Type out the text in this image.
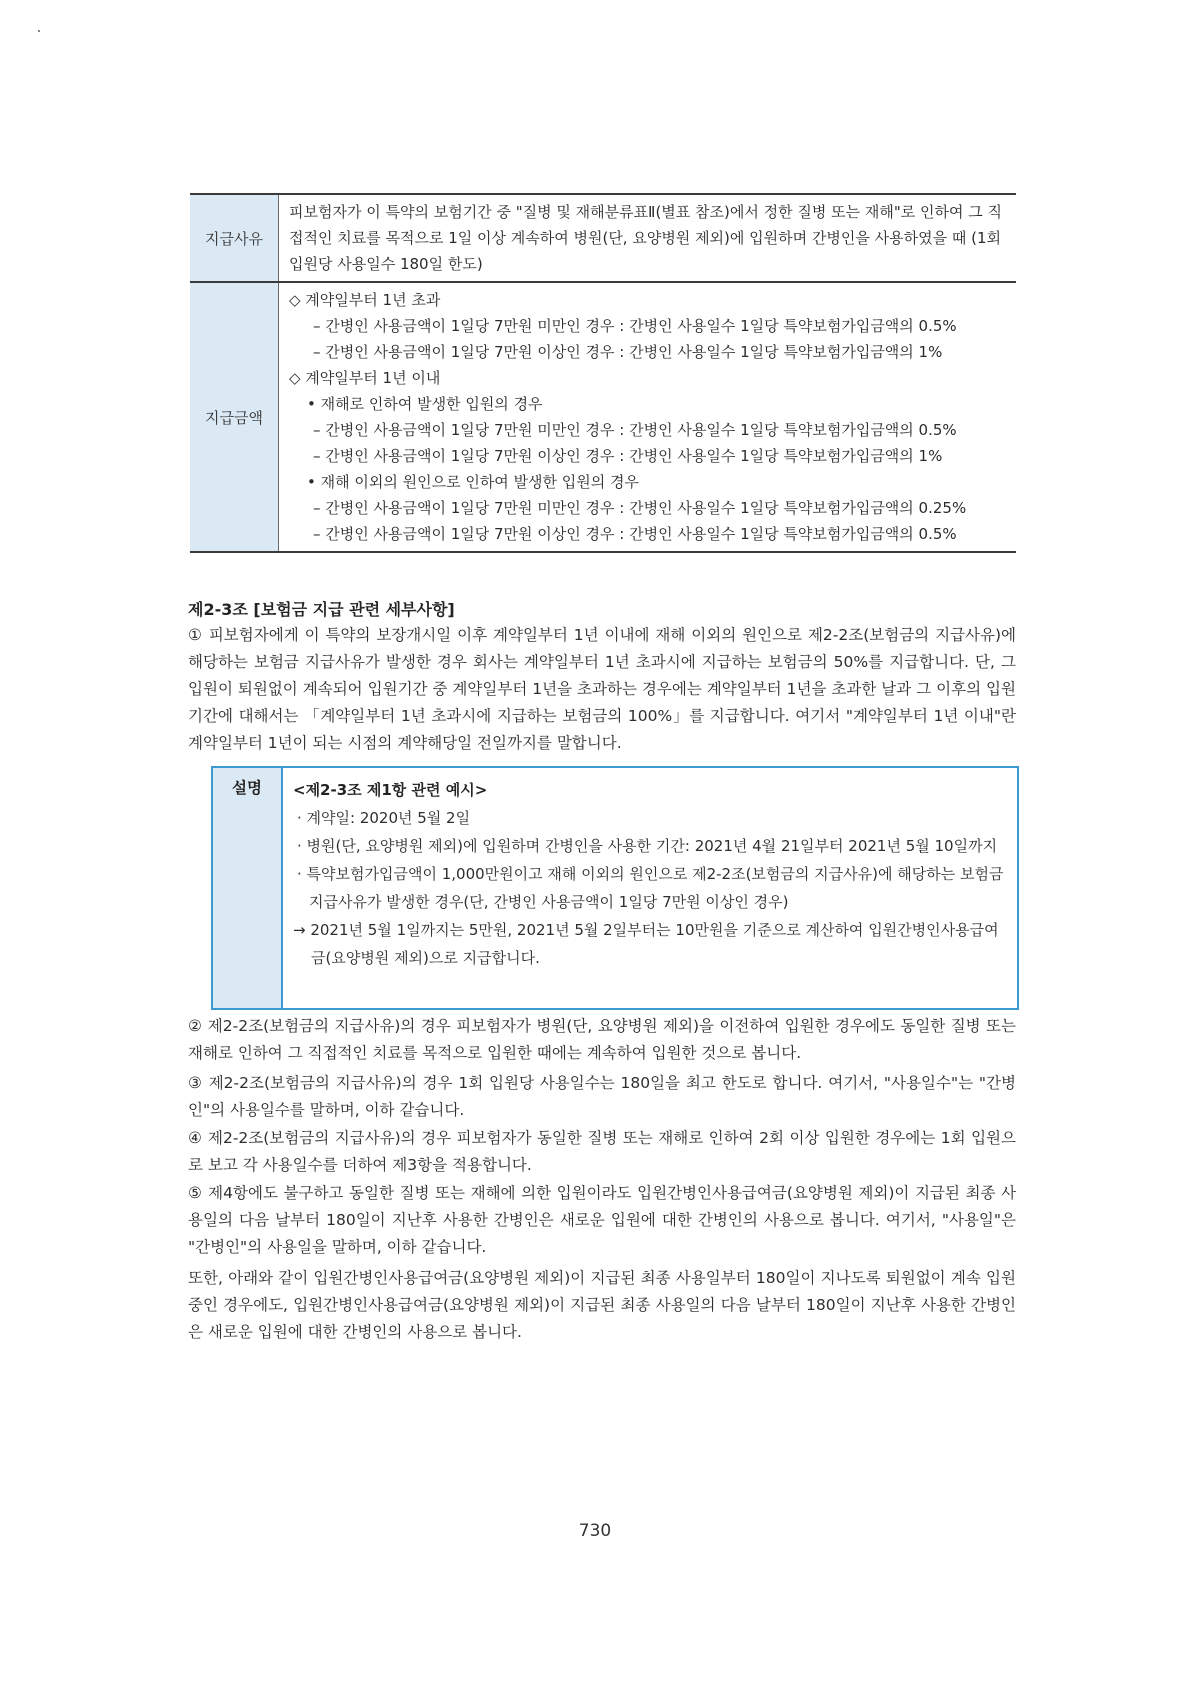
지급사유
피보험자가 이 특약의 보험기간 중 "질병 및 재해분류표Ⅱ(별표 참조)에서 정한 질병 또는 재해"로 인하여 그 직접적인 치료를 목적으로 1일 이상 계속하여 병원(단, 요양병원 제외)에 입원하며 간병인을 사용하였을 때 (1회 입원당 사용일수 180일 한도)
지급금액
◇ 계약일부터 1년 초과
– 간병인 사용금액이 1일당 7만원 미만인 경우 : 간병인 사용일수 1일당 특약보험가입금액의 0.5%
– 간병인 사용금액이 1일당 7만원 이상인 경우 : 간병인 사용일수 1일당 특약보험가입금액의 1%
◇ 계약일부터 1년 이내
• 재해로 인하여 발생한 입원의 경우
– 간병인 사용금액이 1일당 7만원 미만인 경우 : 간병인 사용일수 1일당 특약보험가입금액의 0.5%
– 간병인 사용금액이 1일당 7만원 이상인 경우 : 간병인 사용일수 1일당 특약보험가입금액의 1%
• 재해 이외의 원인으로 인하여 발생한 입원의 경우
– 간병인 사용금액이 1일당 7만원 미만인 경우 : 간병인 사용일수 1일당 특약보험가입금액의 0.25%
– 간병인 사용금액이 1일당 7만원 이상인 경우 : 간병인 사용일수 1일당 특약보험가입금액의 0.5%
제2-3조 [보험금 지급 관련 세부사항]
① 피보험자에게 이 특약의 보장개시일 이후 계약일부터 1년 이내에 재해 이외의 원인으로 제2-2조(보험금의 지급사유)에 해당하는 보험금 지급사유가 발생한 경우 회사는 계약일부터 1년 초과시에 지급하는 보험금의 50%를 지급합니다. 단, 그 입원이 퇴원없이 계속되어 입원기간 중 계약일부터 1년을 초과하는 경우에는 계약일부터 1년을 초과한 날과 그 이후의 입원기간에 대해서는 「계약일부터 1년 초과시에 지급하는 보험금의 100%」를 지급합니다. 여기서 "계약일부터 1년 이내"란 계약일부터 1년이 되는 시점의 계약해당일 전일까지를 말합니다.
설명	<제2-3조 제1항 관련 예시>
· 계약일: 2020년 5월 2일
· 병원(단, 요양병원 제외)에 입원하며 간병인을 사용한 기간: 2021년 4월 21일부터 2021년 5월 10일까지
· 특약보험가입금액이 1,000만원이고 재해 이외의 원인으로 제2-2조(보험금의 지급사유)에 해당하는 보험금 지급사유가 발생한 경우(단, 간병인 사용금액이 1일당 7만원 이상인 경우)
→ 2021년 5월 1일까지는 5만원, 2021년 5월 2일부터는 10만원을 기준으로 계산하여 입원간병인사용급여금(요양병원 제외)으로 지급합니다.
② 제2-2조(보험금의 지급사유)의 경우 피보험자가 병원(단, 요양병원 제외)을 이전하여 입원한 경우에도 동일한 질병 또는 재해로 인하여 그 직접적인 치료를 목적으로 입원한 때에는 계속하여 입원한 것으로 봅니다.
③ 제2-2조(보험금의 지급사유)의 경우 1회 입원당 사용일수는 180일을 최고 한도로 합니다. 여기서, "사용일수"는 "간병인"의 사용일수를 말하며, 이하 같습니다.
④ 제2-2조(보험금의 지급사유)의 경우 피보험자가 동일한 질병 또는 재해로 인하여 2회 이상 입원한 경우에는 1회 입원으로 보고 각 사용일수를 더하여 제3항을 적용합니다.
⑤ 제4항에도 불구하고 동일한 질병 또는 재해에 의한 입원이라도 입원간병인사용급여금(요양병원 제외)이 지급된 최종 사용일의 다음 날부터 180일이 지난후 사용한 간병인은 새로운 입원에 대한 간병인의 사용으로 봅니다. 여기서, "사용일"은 "간병인"의 사용일을 말하며, 이하 같습니다.
또한, 아래와 같이 입원간병인사용급여금(요양병원 제외)이 지급된 최종 사용일부터 180일이 지나도록 퇴원없이 계속 입원중인 경우에도, 입원간병인사용급여금(요양병원 제외)이 지급된 최종 사용일의 다음 날부터 180일이 지난후 사용한 간병인은 새로운 입원에 대한 간병인의 사용으로 봅니다.
730
